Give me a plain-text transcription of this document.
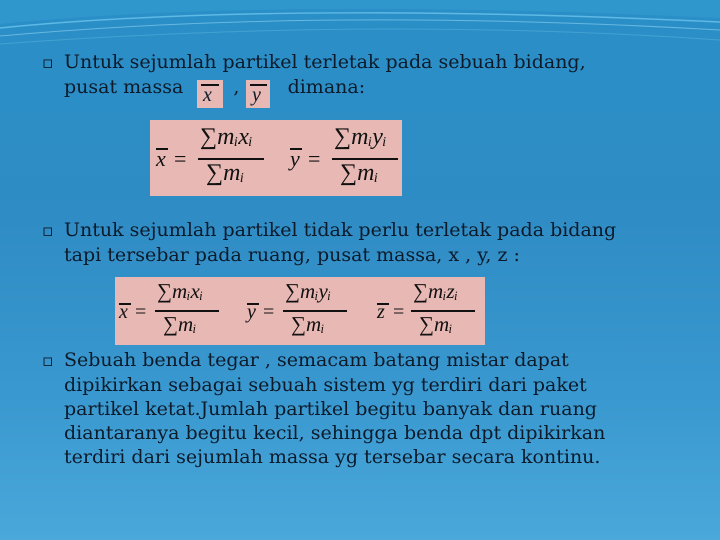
▫ Untuk sejumlah partikel terletak pada sebuah bidang,
pusat massa	,	dimana:
x y
x =
∑mᵢxᵢ
∑mᵢ
y =
∑mᵢyᵢ
∑mᵢ
▫ Untuk sejumlah partikel tidak perlu terletak pada bidang
tapi tersebar pada ruang, pusat massa, x , y, z :
x =
∑mᵢxᵢ
∑mᵢ	y =
∑mᵢyᵢ
∑mᵢ	z =
∑mᵢzᵢ
∑mᵢ
▫ Sebuah benda tegar , semacam batang mistar dapat
dipikirkan sebagai sebuah sistem yg terdiri dari paket
partikel ketat.Jumlah partikel begitu banyak dan ruang
diantaranya begitu kecil, sehingga benda dpt dipikirkan
terdiri dari sejumlah massa yg tersebar secara kontinu.
